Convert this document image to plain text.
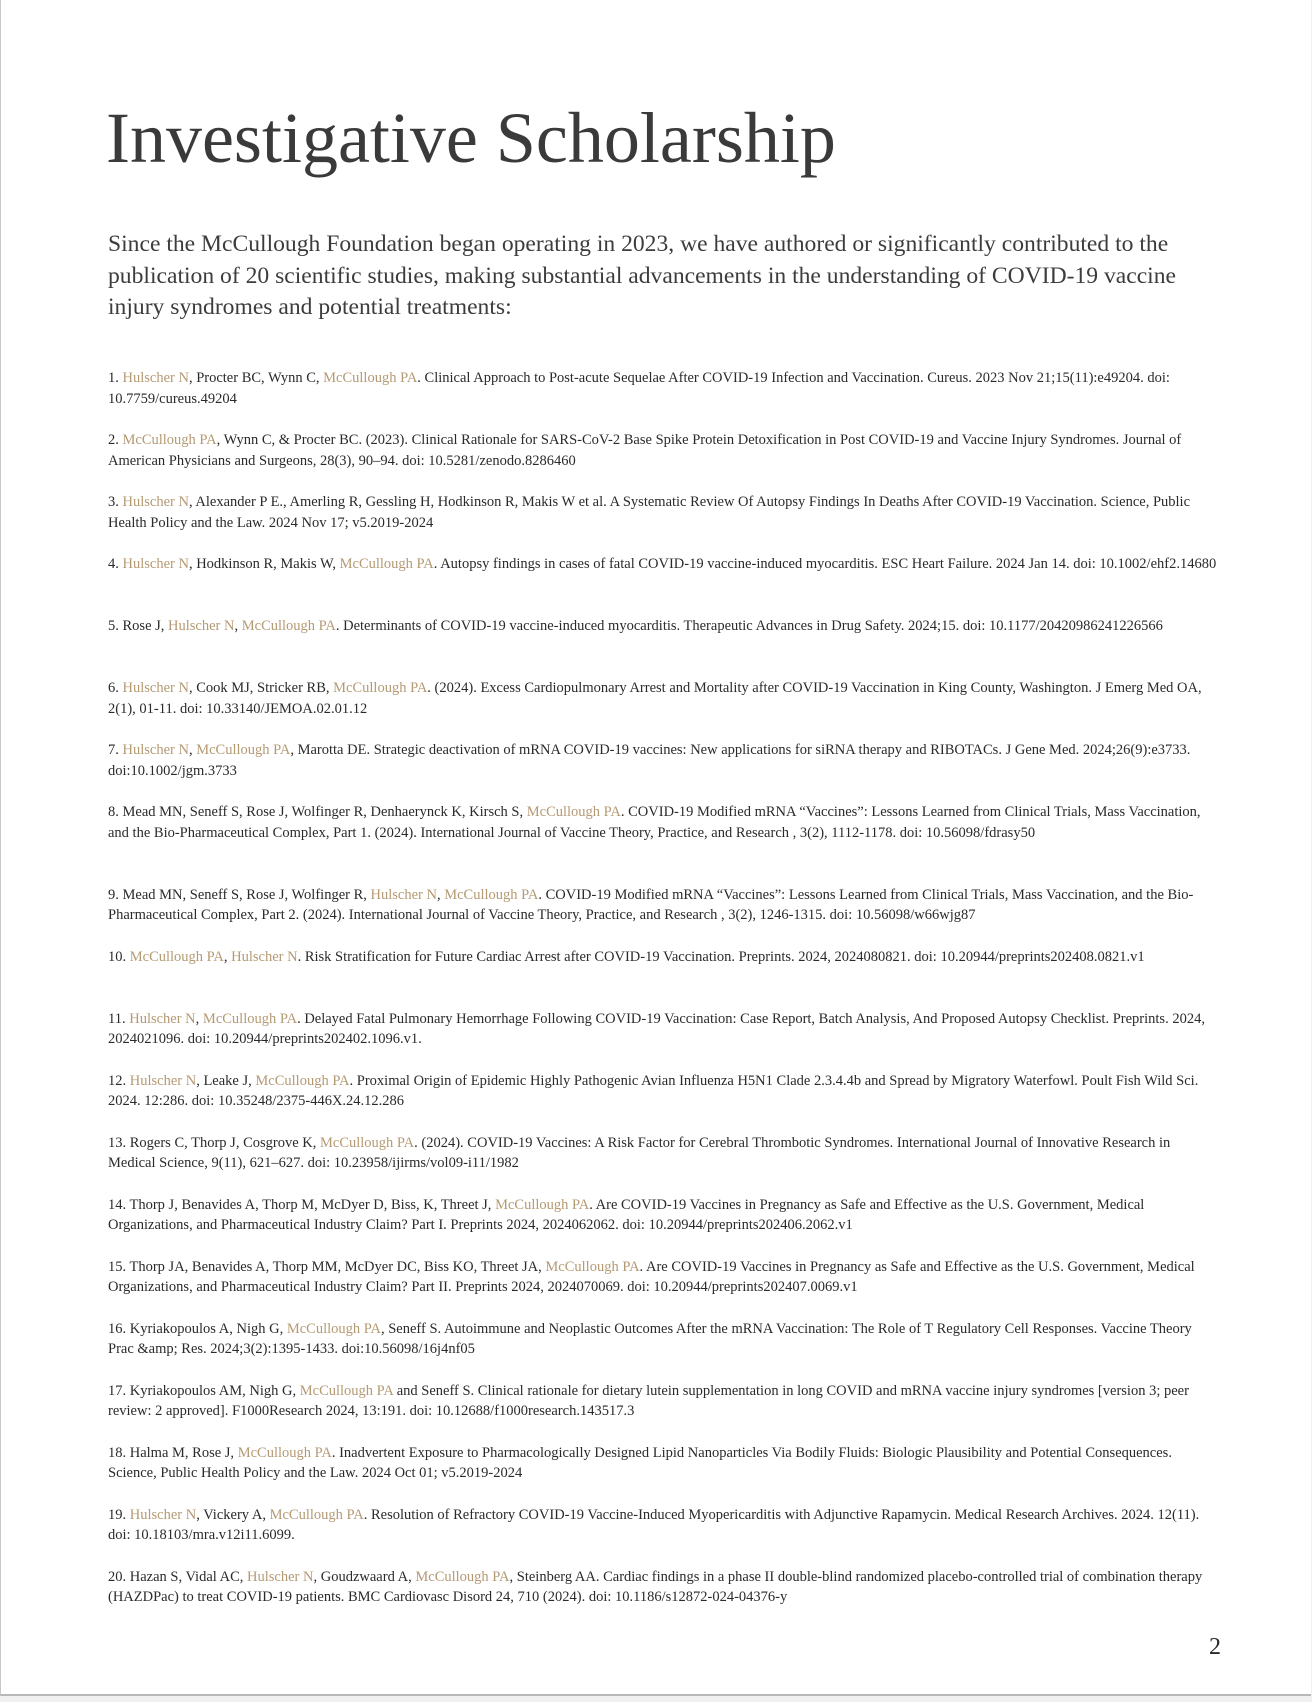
Investigative Scholarship

Since the McCullough Foundation began operating in 2023, we have authored or significantly contributed to the publication of 20 scientific studies, making substantial advancements in the understanding of COVID-19 vaccine injury syndromes and potential treatments:

1. Hulscher N, Procter BC, Wynn C, McCullough PA. Clinical Approach to Post-acute Sequelae After COVID-19 Infection and Vaccination. Cureus. 2023 Nov 21;15(11):e49204. doi: 10.7759/cureus.49204
2. McCullough PA, Wynn C, & Procter BC. (2023). Clinical Rationale for SARS-CoV-2 Base Spike Protein Detoxification in Post COVID-19 and Vaccine Injury Syndromes. Journal of American Physicians and Surgeons, 28(3), 90–94. doi: 10.5281/zenodo.8286460
3. Hulscher N, Alexander P E., Amerling R, Gessling H, Hodkinson R, Makis W et al. A Systematic Review Of Autopsy Findings In Deaths After COVID-19 Vaccination. Science, Public Health Policy and the Law. 2024 Nov 17; v5.2019-2024
4. Hulscher N, Hodkinson R, Makis W, McCullough PA. Autopsy findings in cases of fatal COVID-19 vaccine-induced myocarditis. ESC Heart Failure. 2024 Jan 14. doi: 10.1002/ehf2.14680
5. Rose J, Hulscher N, McCullough PA. Determinants of COVID-19 vaccine-induced myocarditis. Therapeutic Advances in Drug Safety. 2024;15. doi: 10.1177/20420986241226566
6. Hulscher N, Cook MJ, Stricker RB, McCullough PA. (2024). Excess Cardiopulmonary Arrest and Mortality after COVID-19 Vaccination in King County, Washington. J Emerg Med OA, 2(1), 01-11. doi: 10.33140/JEMOA.02.01.12
7. Hulscher N, McCullough PA, Marotta DE. Strategic deactivation of mRNA COVID-19 vaccines: New applications for siRNA therapy and RIBOTACs. J Gene Med. 2024;26(9):e3733. doi:10.1002/jgm.3733
8. Mead MN, Seneff S, Rose J, Wolfinger R, Denhaerynck K, Kirsch S, McCullough PA. COVID-19 Modified mRNA “Vaccines”: Lessons Learned from Clinical Trials, Mass Vaccination, and the Bio-Pharmaceutical Complex, Part 1. (2024). International Journal of Vaccine Theory, Practice, and Research , 3(2), 1112-1178. doi: 10.56098/fdrasy50
9. Mead MN, Seneff S, Rose J, Wolfinger R, Hulscher N, McCullough PA. COVID-19 Modified mRNA “Vaccines”: Lessons Learned from Clinical Trials, Mass Vaccination, and the Bio-Pharmaceutical Complex, Part 2. (2024). International Journal of Vaccine Theory, Practice, and Research , 3(2), 1246-1315. doi: 10.56098/w66wjg87
10. McCullough PA, Hulscher N. Risk Stratification for Future Cardiac Arrest after COVID-19 Vaccination. Preprints. 2024, 2024080821. doi: 10.20944/preprints202408.0821.v1
11. Hulscher N, McCullough PA. Delayed Fatal Pulmonary Hemorrhage Following COVID-19 Vaccination: Case Report, Batch Analysis, And Proposed Autopsy Checklist. Preprints. 2024, 2024021096. doi: 10.20944/preprints202402.1096.v1.
12. Hulscher N, Leake J, McCullough PA. Proximal Origin of Epidemic Highly Pathogenic Avian Influenza H5N1 Clade 2.3.4.4b and Spread by Migratory Waterfowl. Poult Fish Wild Sci. 2024. 12:286. doi: 10.35248/2375-446X.24.12.286
13. Rogers C, Thorp J, Cosgrove K, McCullough PA. (2024). COVID-19 Vaccines: A Risk Factor for Cerebral Thrombotic Syndromes. International Journal of Innovative Research in Medical Science, 9(11), 621–627. doi: 10.23958/ijirms/vol09-i11/1982
14. Thorp J, Benavides A, Thorp M, McDyer D, Biss, K, Threet J, McCullough PA. Are COVID-19 Vaccines in Pregnancy as Safe and Effective as the U.S. Government, Medical Organizations, and Pharmaceutical Industry Claim? Part I. Preprints 2024, 2024062062. doi: 10.20944/preprints202406.2062.v1
15. Thorp JA, Benavides A, Thorp MM, McDyer DC, Biss KO, Threet JA, McCullough PA. Are COVID-19 Vaccines in Pregnancy as Safe and Effective as the U.S. Government, Medical Organizations, and Pharmaceutical Industry Claim? Part II. Preprints 2024, 2024070069. doi: 10.20944/preprints202407.0069.v1
16. Kyriakopoulos A, Nigh G, McCullough PA, Seneff S. Autoimmune and Neoplastic Outcomes After the mRNA Vaccination: The Role of T Regulatory Cell Responses. Vaccine Theory Prac &amp; Res. 2024;3(2):1395-1433. doi:10.56098/16j4nf05
17. Kyriakopoulos AM, Nigh G, McCullough PA and Seneff S. Clinical rationale for dietary lutein supplementation in long COVID and mRNA vaccine injury syndromes [version 3; peer review: 2 approved]. F1000Research 2024, 13:191. doi: 10.12688/f1000research.143517.3
18. Halma M, Rose J, McCullough PA. Inadvertent Exposure to Pharmacologically Designed Lipid Nanoparticles Via Bodily Fluids: Biologic Plausibility and Potential Consequences. Science, Public Health Policy and the Law. 2024 Oct 01; v5.2019-2024
19. Hulscher N, Vickery A, McCullough PA. Resolution of Refractory COVID-19 Vaccine-Induced Myopericarditis with Adjunctive Rapamycin. Medical Research Archives. 2024. 12(11). doi: 10.18103/mra.v12i11.6099.
20. Hazan S, Vidal AC, Hulscher N, Goudzwaard A, McCullough PA, Steinberg AA. Cardiac findings in a phase II double-blind randomized placebo-controlled trial of combination therapy (HAZDPac) to treat COVID-19 patients. BMC Cardiovasc Disord 24, 710 (2024). doi: 10.1186/s12872-024-04376-y
2
